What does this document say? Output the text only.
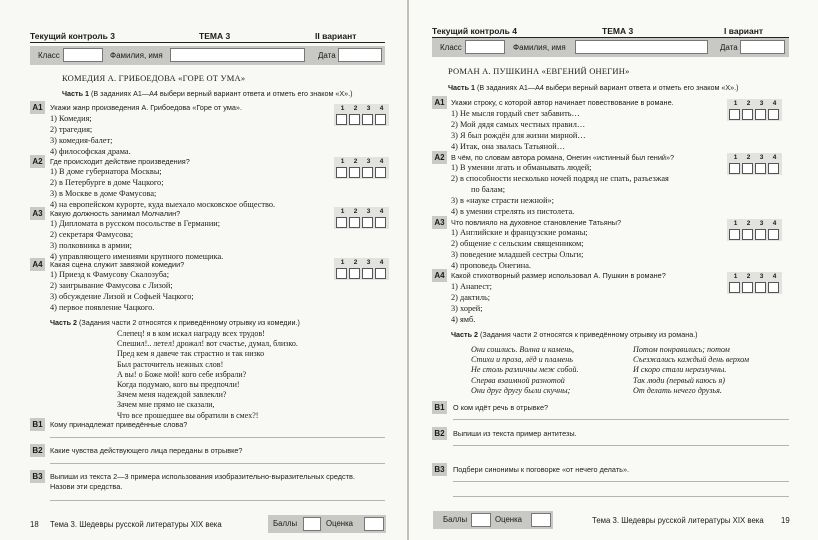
Текущий контроль 3	ТЕМА 3	II вариант
Класс	Фамилия, имя	Дата
КОМЕДИЯ А. ГРИБОЕДОВА «ГОРЕ ОТ УМА»
Часть 1 (В заданиях А1—А4 выбери верный вариант ответа и отметь его знаком «Х».)
A1	Укажи жанр произведения А. Грибоедова «Горе от ума».
1) Комедия;
2) трагедия;
3) комедия-балет;
4) философская драма.
1	2	3	4
A2	Где происходит действие произведения?
1) В доме губернатора Москвы;
2) в Петербурге в доме Чацкого;
3) в Москве в доме Фамусова;
4) на европейском курорте, куда выехало московское общество.
1	2	3	4
A3	Какую должность занимал Молчалин?
1) Дипломата в русском посольстве в Германии;
2) секретаря Фамусова;
3) полковника в армии;
4) управляющего имениями крупного помещика.
1	2	3	4
A4	Какая сцена служит завязкой комедии?
1) Приезд к Фамусову Скалозуба;
2) заигрывание Фамусова с Лизой;
3) обсуждение Лизой и Софьей Чацкого;
4) первое появление Чацкого.
1	2	3	4
Часть 2 (Задания части 2 относятся к приведённому отрывку из комедии.)
Слепец! я в ком искал награду всех трудов!
Спешил!.. летел! дрожал! вот счастье, думал, близко.
Пред кем я давече так страстно и так низко
Был расточитель нежных слов!
А вы! о Боже мой! кого себе избрали?
Когда подумаю, кого вы предпочли!
Зачем меня надеждой завлекли?
Зачем мне прямо не сказали,
Что все прошедшее вы обратили в смех?!
B1	Кому принадлежат приведённые слова?
B2	Какие чувства действующего лица переданы в отрывке?
B3	Выпиши из текста 2—3 примера использования изобразительно-выразительных средств.
Назови эти средства.
18 Тема 3. Шедевры русской литературы XIX века	Баллы	Оценка
Текущий контроль 4	ТЕМА 3	I вариант
Класс	Фамилия, имя	Дата
РОМАН А. ПУШКИНА «ЕВГЕНИЙ ОНЕГИН»
Часть 1 (В заданиях А1—А4 выбери верный вариант ответа и отметь его знаком «Х».)
A1 Укажи строку, с которой автор начинает повествование в романе.
1) Не мысля гордый свет забавить…
2) Мой дядя самых честных правил…
3) Я был рождён для жизни мирной…
4) Итак, она звалась Татьяной…
1	2	3	4
A2 В чём, по словам автора романа, Онегин «истинный был гений»?
1) В умении лгать и обманывать людей;
2) в способности несколько ночей подряд не спать, разъезжая
по балам;
3) в «науке страсти нежной»;
4) в умении стрелять из пистолета.
1	2	3	4
A3 Что повлияло на духовное становление Татьяны?
1) Английские и французские романы;
2) общение с сельским священником;
3) поведение младшей сестры Ольги;
4) проповедь Онегина.
1	2	3	4
A4 Какой стихотворный размер использовал А. Пушкин в романе?
1) Анапест;
2) дактиль;
3) хорей;
4) ямб.
1	2	3	4
Часть 2 (Задания части 2 относятся к приведённому отрывку из романа.)
Они сошлись. Волна и камень,
Стихи и проза, лёд и пламень
Не столь различны меж собой.
Сперва взаимной разнотой
Они друг другу были скучны;
Потом понравились; потом
Съезжались каждый день верхом
И скоро стали неразлучны.
Так люди (первый каюсь я)
От делать нечего друзья.
B1	О ком идёт речь в отрывке?
B2	Выпиши из текста пример антитезы.
B3	Подбери синонимы к поговорке «от нечего делать».
Баллы	Оценка	Тема 3. Шедевры русской литературы XIX века 19
